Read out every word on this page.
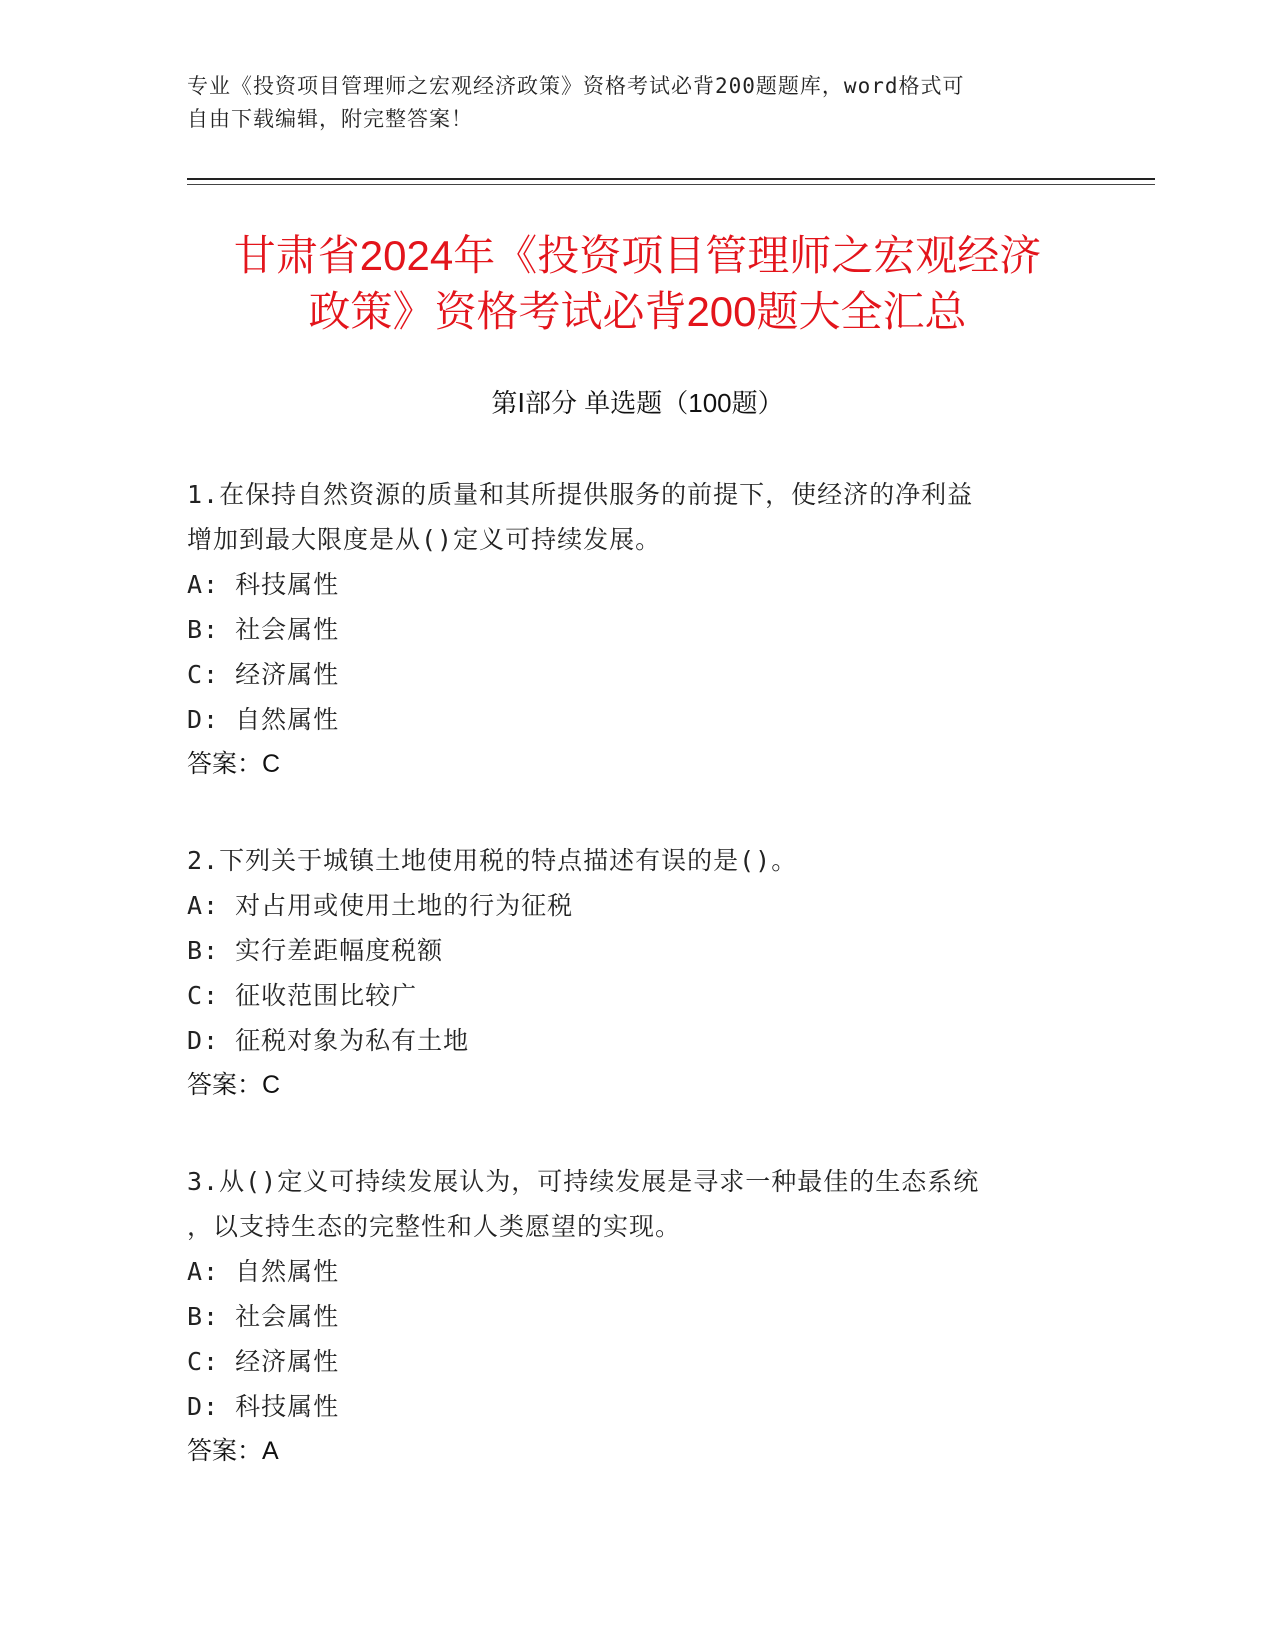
专业《投资项目管理师之宏观经济政策》资格考试必背200题题库，word格式可
自由下载编辑，附完整答案！
甘肃省2024年《投资项目管理师之宏观经济
政策》资格考试必背200题大全汇总
第Ⅰ部分 单选题（100题）
1.在保持自然资源的质量和其所提供服务的前提下，使经济的净利益
增加到最大限度是从()定义可持续发展。
A: 科技属性
B: 社会属性
C: 经济属性
D: 自然属性
答案：C
2.下列关于城镇土地使用税的特点描述有误的是()。
A: 对占用或使用土地的行为征税
B: 实行差距幅度税额
C: 征收范围比较广
D: 征税对象为私有土地
答案：C
3.从()定义可持续发展认为，可持续发展是寻求一种最佳的生态系统
，以支持生态的完整性和人类愿望的实现。
A: 自然属性
B: 社会属性
C: 经济属性
D: 科技属性
答案：A
